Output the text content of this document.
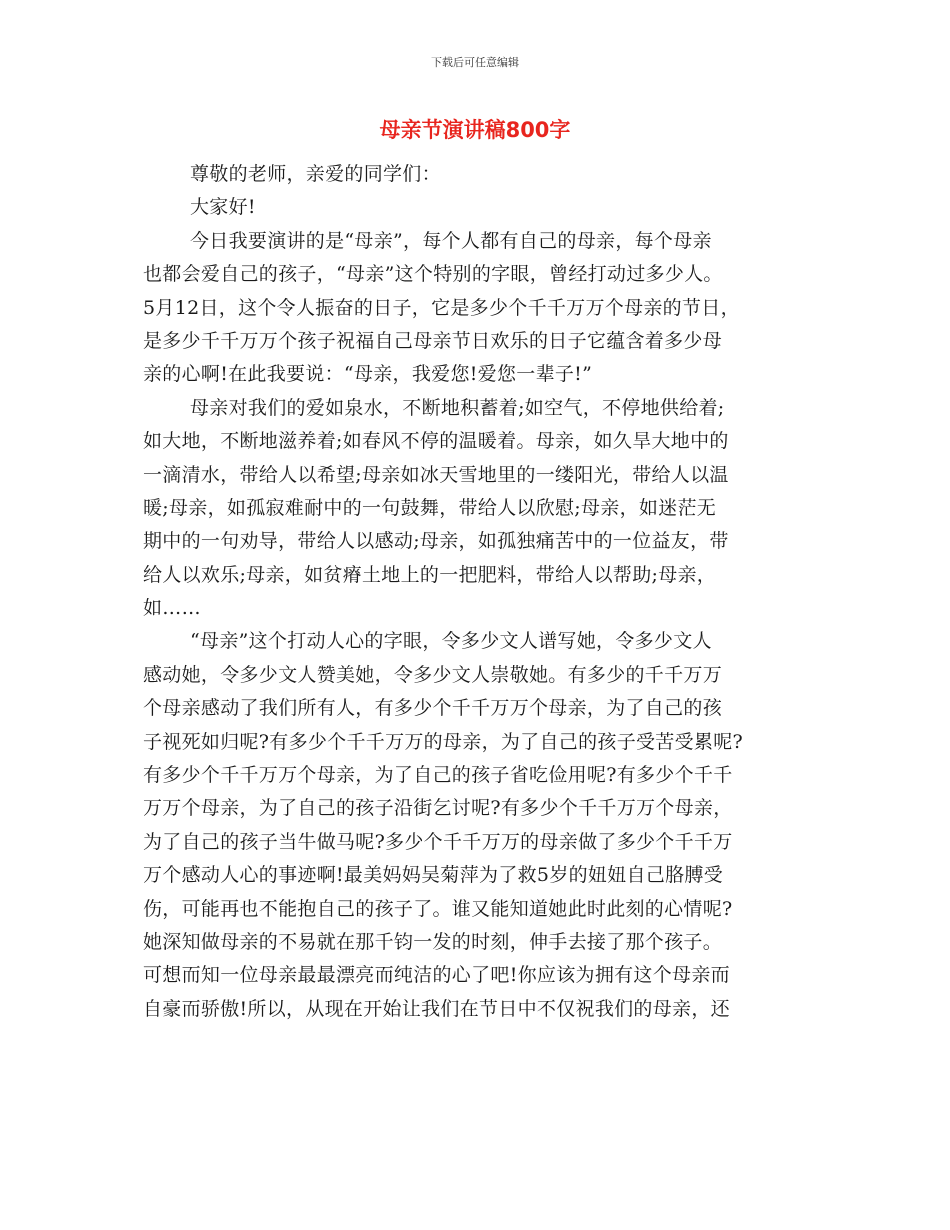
下载后可任意编辑
母亲节演讲稿800字
尊敬的老师，亲爱的同学们：
大家好!
今日我要演讲的是“母亲”，每个人都有自己的母亲，每个母亲
也都会爱自己的孩子，“母亲”这个特别的字眼，曾经打动过多少人。
5月12日，这个令人振奋的日子，它是多少个千千万万个母亲的节日，
是多少千千万万个孩子祝福自己母亲节日欢乐的日子它蕴含着多少母
亲的心啊!在此我要说：“母亲，我爱您!爱您一辈子!”
母亲对我们的爱如泉水，不断地积蓄着;如空气，不停地供给着;
如大地，不断地滋养着;如春风不停的温暖着。母亲，如久旱大地中的
一滴清水，带给人以希望;母亲如冰天雪地里的一缕阳光，带给人以温
暖;母亲，如孤寂难耐中的一句鼓舞，带给人以欣慰;母亲，如迷茫无
期中的一句劝导，带给人以感动;母亲，如孤独痛苦中的一位益友，带
给人以欢乐;母亲，如贫瘠土地上的一把肥料，带给人以帮助;母亲，
如……
“母亲”这个打动人心的字眼，令多少文人谱写她，令多少文人
感动她，令多少文人赞美她，令多少文人崇敬她。有多少的千千万万
个母亲感动了我们所有人，有多少个千千万万个母亲，为了自己的孩
子视死如归呢?有多少个千千万万的母亲，为了自己的孩子受苦受累呢?
有多少个千千万万个母亲，为了自己的孩子省吃俭用呢?有多少个千千
万万个母亲，为了自己的孩子沿街乞讨呢?有多少个千千万万个母亲，
为了自己的孩子当牛做马呢?多少个千千万万的母亲做了多少个千千万
万个感动人心的事迹啊!最美妈妈吴菊萍为了救5岁的妞妞自己胳膊受
伤，可能再也不能抱自己的孩子了。谁又能知道她此时此刻的心情呢?
她深知做母亲的不易就在那千钧一发的时刻，伸手去接了那个孩子。
可想而知一位母亲最最漂亮而纯洁的心了吧!你应该为拥有这个母亲而
自豪而骄傲!所以，从现在开始让我们在节日中不仅祝我们的母亲，还
